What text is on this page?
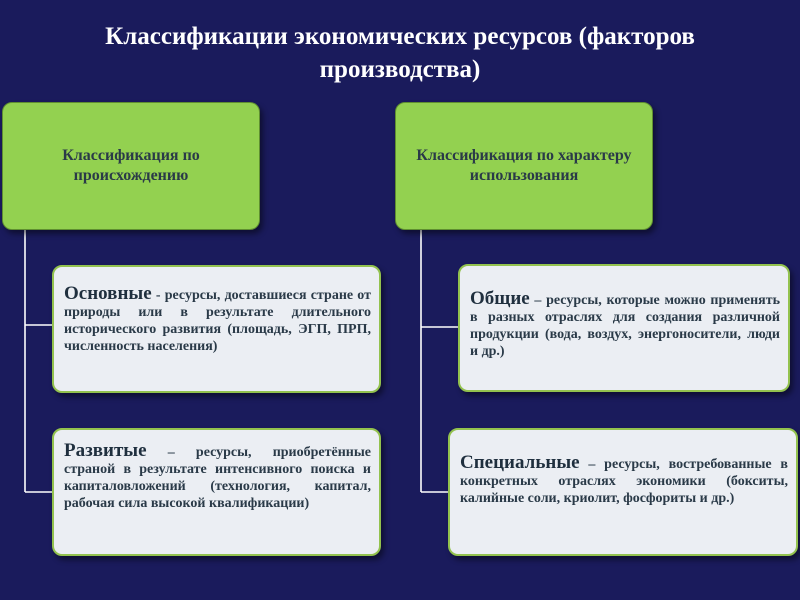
Классификации экономических ресурсов (факторов производства)
Классификация по происхождению
Классификация по характеру использования
Основные - ресурсы, доставшиеся стране от природы или в результате длительного исторического развития (площадь, ЭГП, ПРП, численность населения)
Развитые – ресурсы, приобретённые страной в результате интенсивного поиска и капиталовложений (технология, капитал, рабочая сила высокой квалификации)
Общие – ресурсы, которые можно применять в разных отраслях для создания различной продукции (вода, воздух, энергоносители, люди и др.)
Специальные – ресурсы, востребованные в конкретных отраслях экономики (бокситы, калийные соли, криолит, фосфориты и др.)
